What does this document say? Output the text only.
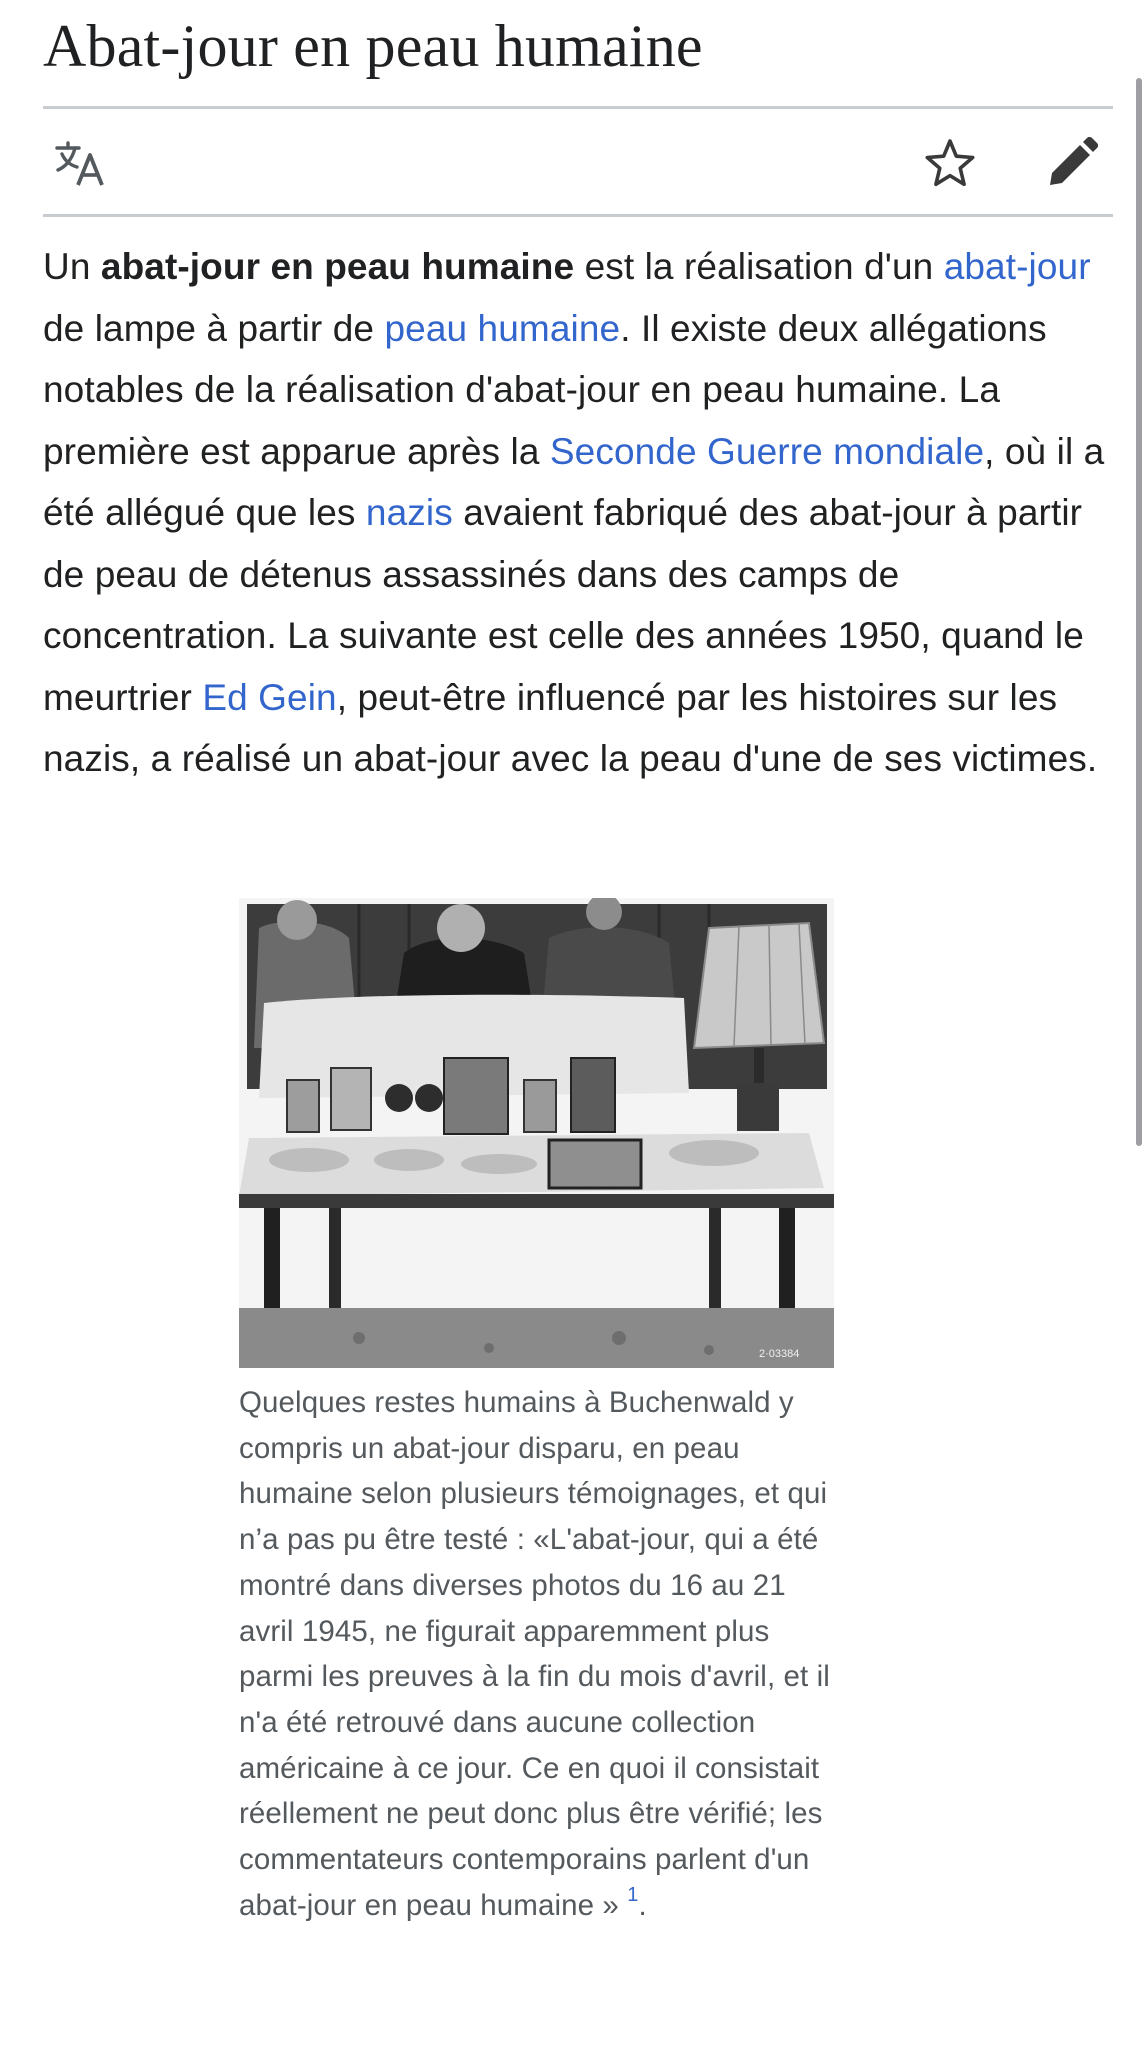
Abat-jour en peau humaine

Un abat-jour en peau humaine est la réalisation d'un abat-jour de lampe à partir de peau humaine. Il existe deux allégations notables de la réalisation d'abat-jour en peau humaine. La première est apparue après la Seconde Guerre mondiale, où il a été allégué que les nazis avaient fabriqué des abat-jour à partir de peau de détenus assassinés dans des camps de concentration. La suivante est celle des années 1950, quand le meurtrier Ed Gein, peut-être influencé par les histoires sur les nazis, a réalisé un abat-jour avec la peau d'une de ses victimes.

2·03384
Quelques restes humains à Buchenwald y compris un abat-jour disparu, en peau humaine selon plusieurs témoignages, et qui n’a pas pu être testé : «L'abat-jour, qui a été montré dans diverses photos du 16 au 21 avril 1945, ne figurait apparemment plus parmi les preuves à la fin du mois d'avril, et il n'a été retrouvé dans aucune collection américaine à ce jour. Ce en quoi il consistait réellement ne peut donc plus être vérifié; les commentateurs contemporains parlent d'un abat-jour en peau humaine » $^1$.
